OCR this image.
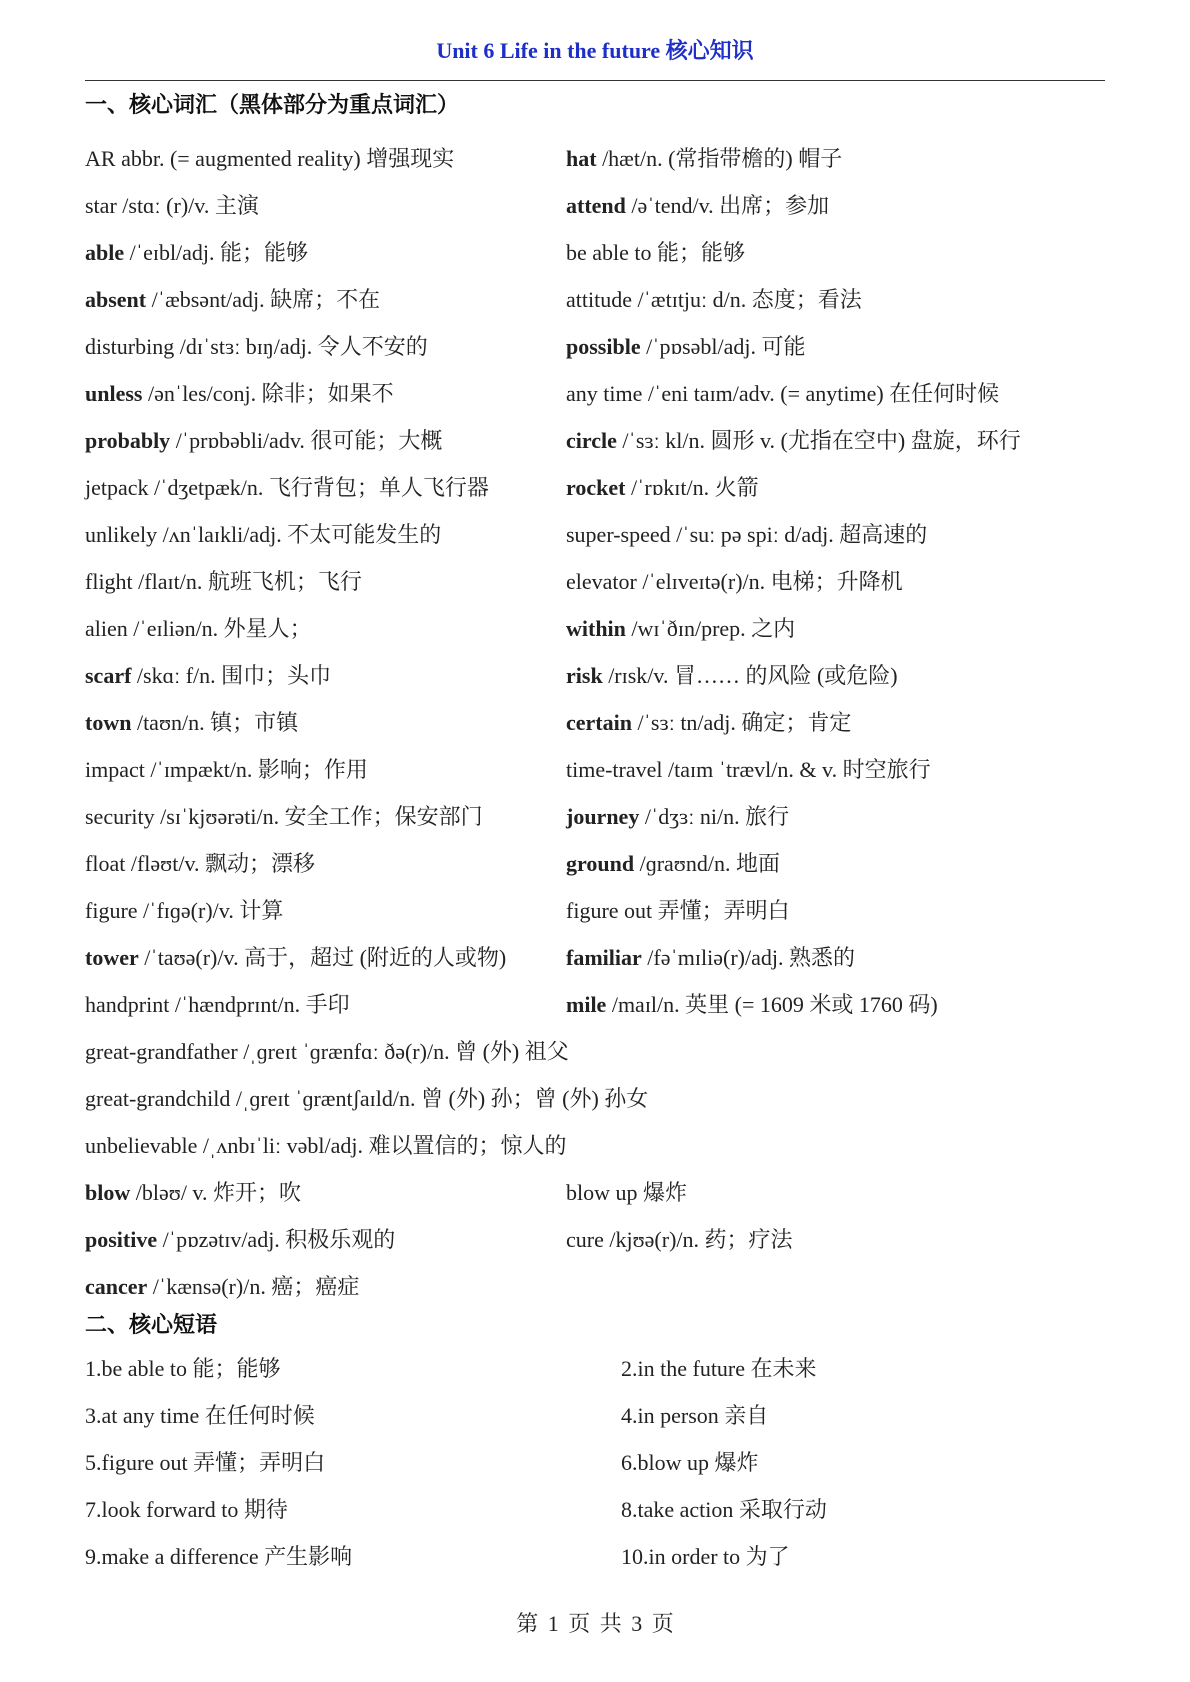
Unit 6 Life in the future 核心知识
一、核心词汇（黑体部分为重点词汇）
AR abbr. (= augmented reality) 增强现实	hat /hæt/n. (常指带檐的) 帽子
star /stɑː (r)/v. 主演	attend /əˈtend/v. 出席；参加
able /ˈeɪbl/adj. 能；能够	be able to 能；能够
absent /ˈæbsənt/adj. 缺席；不在	attitude /ˈætɪtjuː d/n. 态度；看法
disturbing /dɪˈstɜː bɪŋ/adj. 令人不安的	possible /ˈpɒsəbl/adj. 可能
unless /ənˈles/conj. 除非；如果不	any time /ˈeni taɪm/adv. (= anytime) 在任何时候
probably /ˈprɒbəbli/adv. 很可能；大概	circle /ˈsɜː kl/n. 圆形 v. (尤指在空中) 盘旋，环行
jetpack /ˈdʒetpæk/n. 飞行背包；单人飞行器	rocket /ˈrɒkɪt/n. 火箭
unlikely /ʌnˈlaɪkli/adj. 不太可能发生的	super-speed /ˈsuː pə spiː d/adj. 超高速的
flight /flaɪt/n. 航班飞机；飞行	elevator /ˈelɪveɪtə(r)/n. 电梯；升降机
alien /ˈeɪliən/n. 外星人；	within /wɪˈðɪn/prep. 之内
scarf /skɑː f/n. 围巾；头巾	risk /rɪsk/v. 冒…… 的风险 (或危险)
town /taʊn/n. 镇；市镇	certain /ˈsɜː tn/adj. 确定；肯定
impact /ˈɪmpækt/n. 影响；作用	time-travel /taɪm ˈtrævl/n. & v. 时空旅行
security /sɪˈkjʊərəti/n. 安全工作；保安部门	journey /ˈdʒɜː ni/n. 旅行
float /fləʊt/v. 飘动；漂移	ground /ɡraʊnd/n. 地面
figure /ˈfɪɡə(r)/v. 计算	figure out 弄懂；弄明白
tower /ˈtaʊə(r)/v. 高于，超过 (附近的人或物)	familiar /fəˈmɪliə(r)/adj. 熟悉的
handprint /ˈhændprɪnt/n. 手印	mile /maɪl/n. 英里 (= 1609 米或 1760 码)
great-grandfather /ˌɡreɪt ˈɡrænfɑː ðə(r)/n. 曾 (外) 祖父
great-grandchild /ˌɡreɪt ˈɡræntʃaɪld/n. 曾 (外) 孙；曾 (外) 孙女
unbelievable /ˌʌnbɪˈliː vəbl/adj. 难以置信的；惊人的
blow /bləʊ/ v. 炸开；吹	blow up 爆炸
positive /ˈpɒzətɪv/adj. 积极乐观的	cure /kjʊə(r)/n. 药；疗法
cancer /ˈkænsə(r)/n. 癌；癌症
二、核心短语
1.be able to 能；能够	2.in the future 在未来
3.at any time 在任何时候	4.in person 亲自
5.figure out 弄懂；弄明白	6.blow up 爆炸
7.look forward to 期待	8.take action 采取行动
9.make a difference 产生影响	10.in order to 为了
第 1 页 共 3 页
